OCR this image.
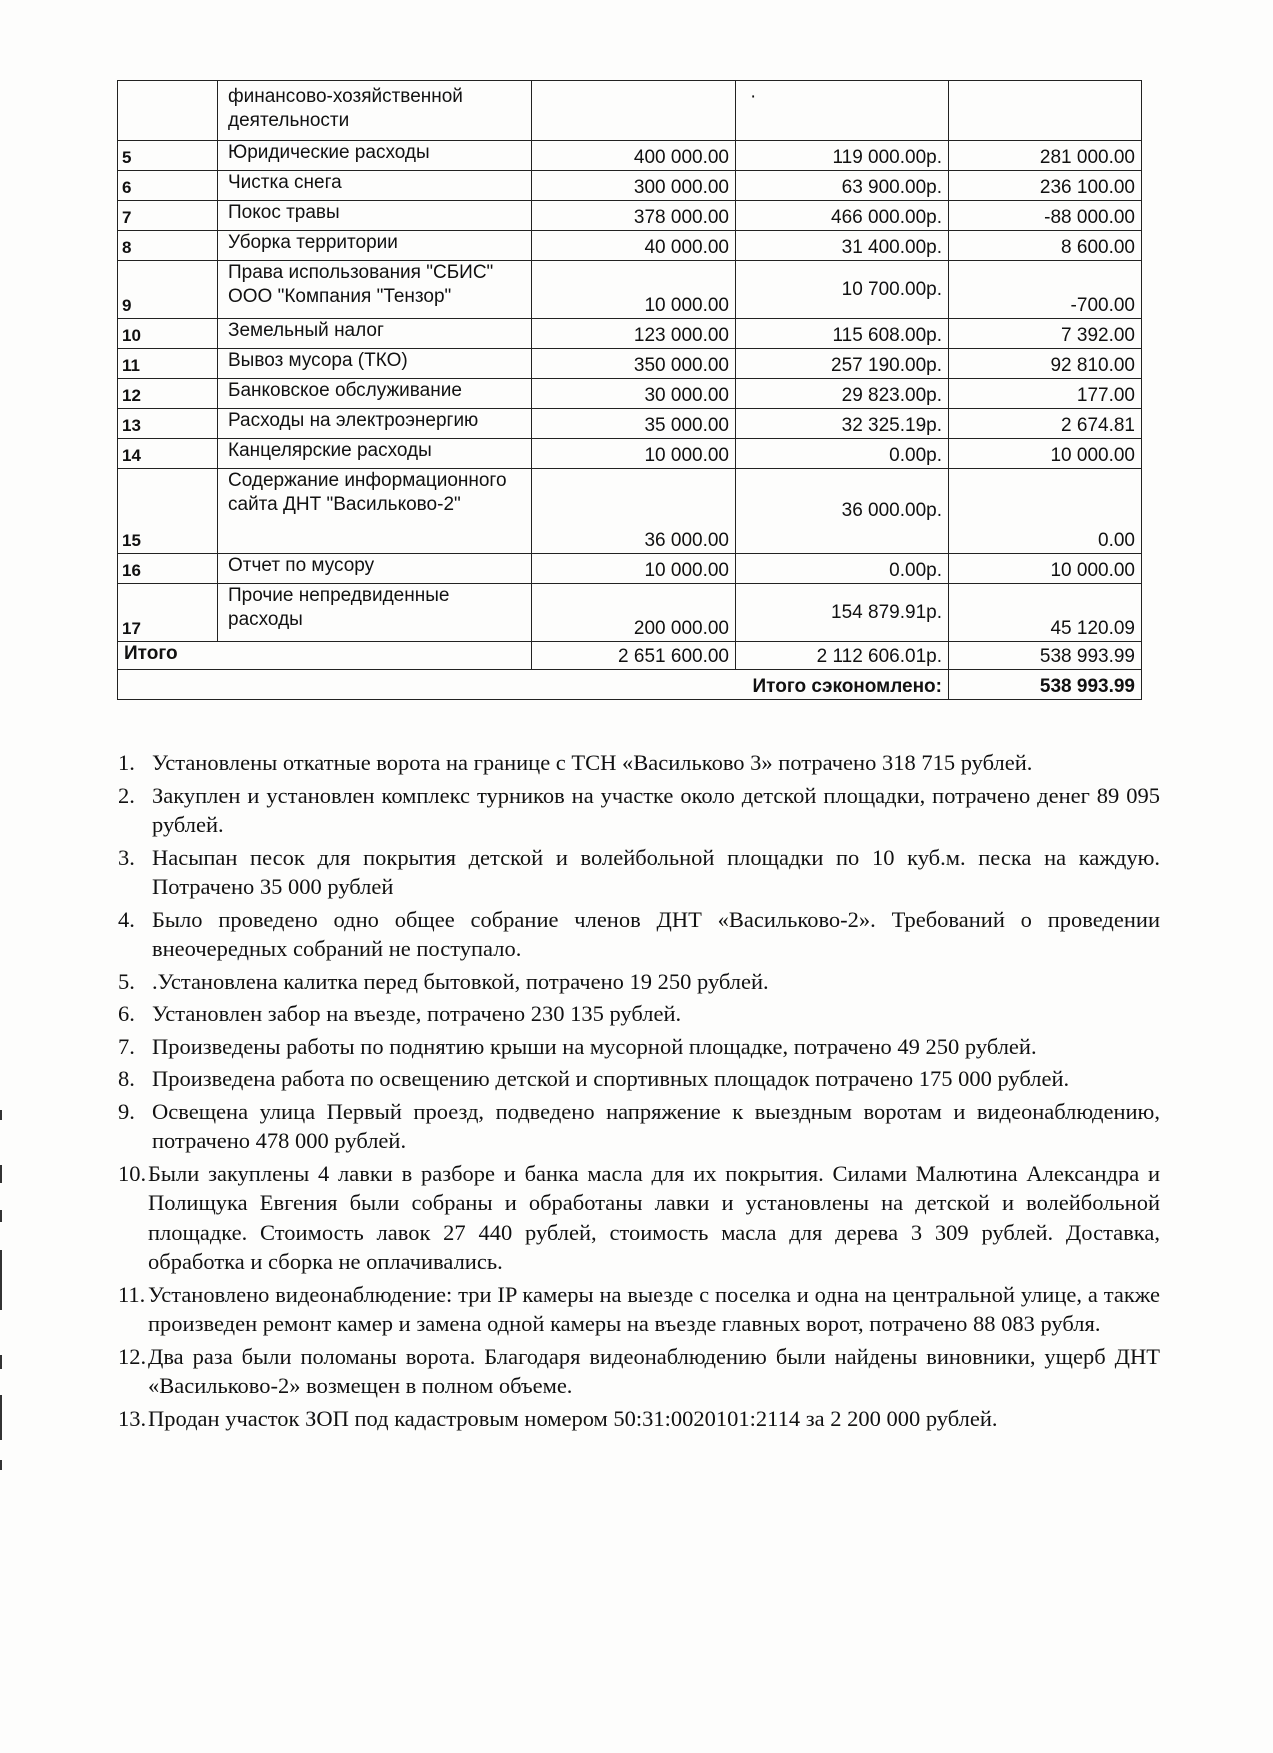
	финансово-хозяйственной деятельности		·	
5	Юридические расходы	400 000.00	119 000.00р.	281 000.00
6	Чистка снега	300 000.00	63 900.00р.	236 100.00
7	Покос травы	378 000.00	466 000.00р.	-88 000.00
8	Уборка территории	40 000.00	31 400.00р.	8 600.00
9	Права использования "СБИС" ООО "Компания "Тензор"	10 000.00	10 700.00р.	-700.00
10	Земельный налог	123 000.00	115 608.00р.	7 392.00
11	Вывоз мусора (ТКО)	350 000.00	257 190.00р.	92 810.00
12	Банковское обслуживание	30 000.00	29 823.00р.	177.00
13	Расходы на электроэнергию	35 000.00	32 325.19р.	2 674.81
14	Канцелярские расходы	10 000.00	0.00р.	10 000.00
15	Содержание информационного сайта ДНТ "Васильково-2"	36 000.00	36 000.00р.	0.00
16	Отчет по мусору	10 000.00	0.00р.	10 000.00
17	Прочие непредвиденные расходы	200 000.00	154 879.91р.	45 120.09
Итого		2 651 600.00	2 112 606.01р.	538 993.99
Итого сэкономлено:				538 993.99
1. Установлены откатные ворота на границе с ТСН «Васильково 3» потрачено 318 715 рублей.
2. Закуплен и установлен комплекс турников на участке около детской площадки, потрачено денег 89 095 рублей.
3. Насыпан песок для покрытия детской и волейбольной площадки по 10 куб.м. песка на каждую. Потрачено 35 000 рублей
4. Было проведено одно общее собрание членов ДНТ «Васильково-2». Требований о проведении внеочередных собраний не поступало.
5. .Установлена калитка перед бытовкой, потрачено 19 250 рублей.
6. Установлен забор на въезде, потрачено 230 135 рублей.
7. Произведены работы по поднятию крыши на мусорной площадке, потрачено 49 250 рублей.
8. Произведена работа по освещению детской и спортивных площадок потрачено 175 000 рублей.
9. Освещена улица Первый проезд, подведено напряжение к выездным воротам и видеонаблюдению, потрачено 478 000 рублей.
10. Были закуплены 4 лавки в разборе и банка масла для их покрытия. Силами Малютина Александра и Полищука Евгения были собраны и обработаны лавки и установлены на детской и волейбольной площадке. Стоимость лавок 27 440 рублей, стоимость масла для дерева 3 309 рублей. Доставка, обработка и сборка не оплачивались.
11. Установлено видеонаблюдение: три IP камеры на выезде с поселка и одна на центральной улице, а также произведен ремонт камер и замена одной камеры на въезде главных ворот, потрачено 88 083 рубля.
12. Два раза были поломаны ворота. Благодаря видеонаблюдению были найдены виновники, ущерб ДНТ «Васильково-2» возмещен в полном объеме.
13. Продан участок ЗОП под кадастровым номером 50:31:0020101:2114 за 2 200 000 рублей.
